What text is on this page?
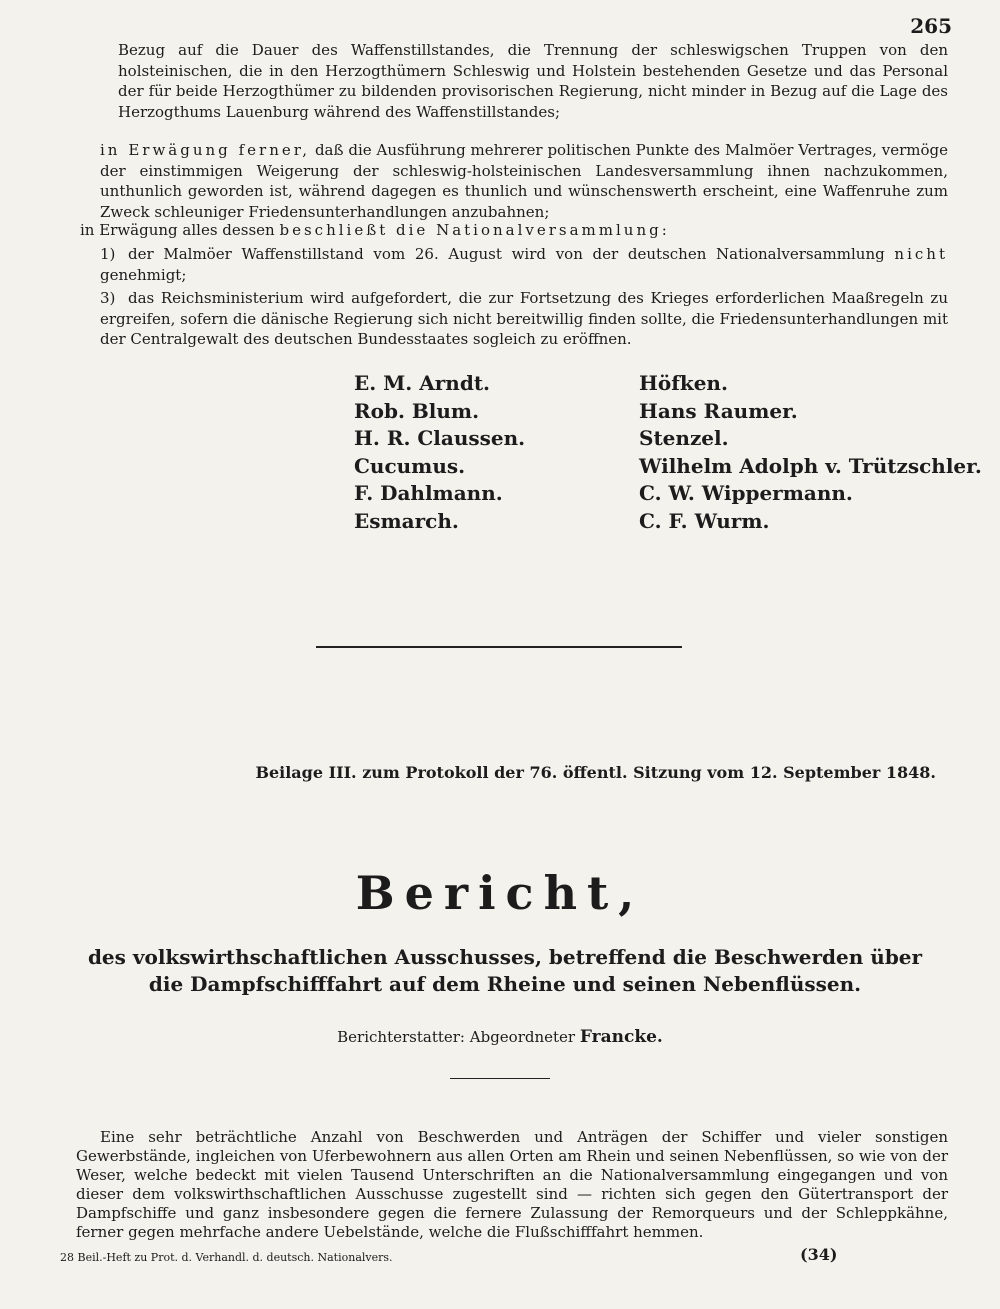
265

Bezug auf die Dauer des Waffenstillstandes, die Trennung der schleswigschen Truppen von den holsteinischen, die in den Herzogthümern Schleswig und Holstein bestehenden Gesetze und das Personal der für beide Herzogthümer zu bildenden provisorischen Regierung, nicht minder in Bezug auf die Lage des Herzogthums Lauenburg während des Waffenstillstandes;

in Erwägung ferner, daß die Ausführung mehrerer politischen Punkte des Malmöer Vertrages, vermöge der einstimmigen Weigerung der schleswig-holsteinischen Landesversammlung ihnen nachzukommen, unthunlich geworden ist, während dagegen es thunlich und wünschenswerth erscheint, eine Waffenruhe zum Zweck schleuniger Friedensunterhandlungen anzubahnen;

in Erwägung alles dessen beschließt die Nationalversammlung:

1) der Malmöer Waffenstillstand vom 26. August wird von der deutschen Nationalversammlung nicht genehmigt;

3) das Reichsministerium wird aufgefordert, die zur Fortsetzung des Krieges erforderlichen Maaßregeln zu ergreifen, sofern die dänische Regierung sich nicht bereitwillig finden sollte, die Friedensunterhandlungen mit der Centralgewalt des deutschen Bundesstaates sogleich zu eröffnen.

E. M. Arndt.
Rob. Blum.
H. R. Claussen.
Cucumus.
F. Dahlmann.
Esmarch.
Höfken.
Hans Raumer.
Stenzel.
Wilhelm Adolph v. Trützschler.
C. W. Wippermann.
C. F. Wurm.
Beilage III. zum Protokoll der 76. öffentl. Sitzung vom 12. September 1848.
Bericht,
des volkswirthschaftlichen Ausschusses, betreffend die Beschwerden über die Dampfschifffahrt auf dem Rheine und seinen Nebenflüssen.
Berichterstatter: Abgeordneter Francke.

Eine sehr beträchtliche Anzahl von Beschwerden und Anträgen der Schiffer und vieler sonstigen Gewerbstände, ingleichen von Uferbewohnern aus allen Orten am Rhein und seinen Nebenflüssen, so wie von der Weser, welche bedeckt mit vielen Tausend Unterschriften an die Nationalversammlung eingegangen und von dieser dem volkswirthschaftlichen Ausschusse zugestellt sind — richten sich gegen den Gütertransport der Dampfschiffe und ganz insbesondere gegen die fernere Zulassung der Remorqueurs und der Schleppkähne, ferner gegen mehrfache andere Uebelstände, welche die Flußschifffahrt hemmen.

28 Beil.-Heft zu Prot. d. Verhandl. d. deutsch. Nationalvers.	(34)
